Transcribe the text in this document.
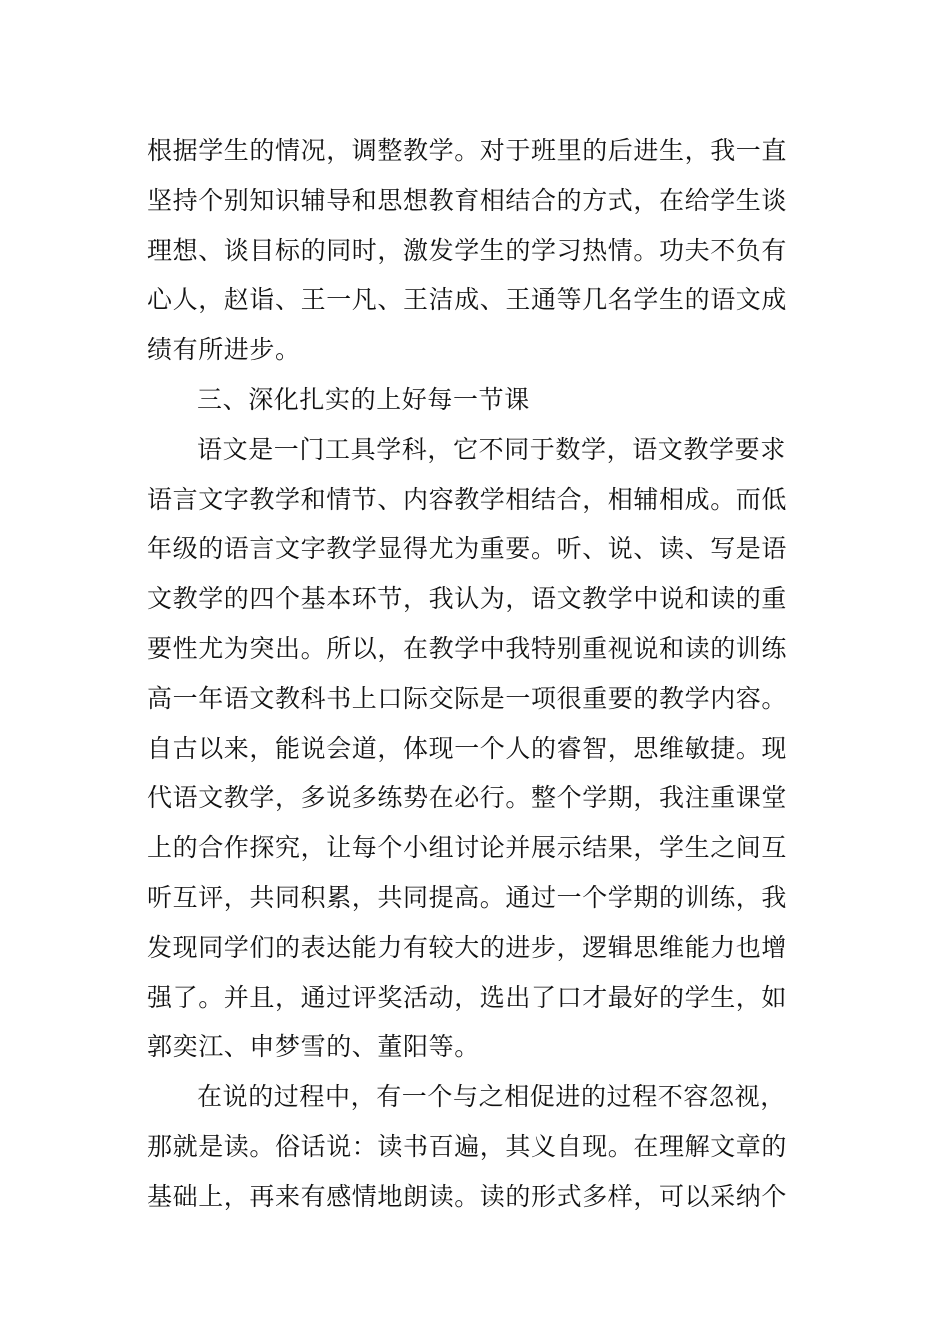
根据学生的情况，调整教学。对于班里的后进生，我一直
坚持个别知识辅导和思想教育相结合的方式，在给学生谈
理想、谈目标的同时，激发学生的学习热情。功夫不负有
心人，赵诣、王一凡、王洁成、王通等几名学生的语文成
绩有所进步。
三、深化扎实的上好每一节课
语文是一门工具学科，它不同于数学，语文教学要求
语言文字教学和情节、内容教学相结合，相辅相成。而低
年级的语言文字教学显得尤为重要。听、说、读、写是语
文教学的四个基本环节，我认为，语文教学中说和读的重
要性尤为突出。所以，在教学中我特别重视说和读的训练
高一年语文教科书上口际交际是一项很重要的教学内容。
自古以来，能说会道，体现一个人的睿智，思维敏捷。现
代语文教学，多说多练势在必行。整个学期，我注重课堂
上的合作探究，让每个小组讨论并展示结果，学生之间互
听互评，共同积累，共同提高。通过一个学期的训练，我
发现同学们的表达能力有较大的进步，逻辑思维能力也增
强了。并且，通过评奖活动，选出了口才最好的学生，如
郭奕江、申梦雪的、董阳等。
在说的过程中，有一个与之相促进的过程不容忽视，
那就是读。俗话说：读书百遍，其义自现。在理解文章的
基础上，再来有感情地朗读。读的形式多样，可以采纳个
